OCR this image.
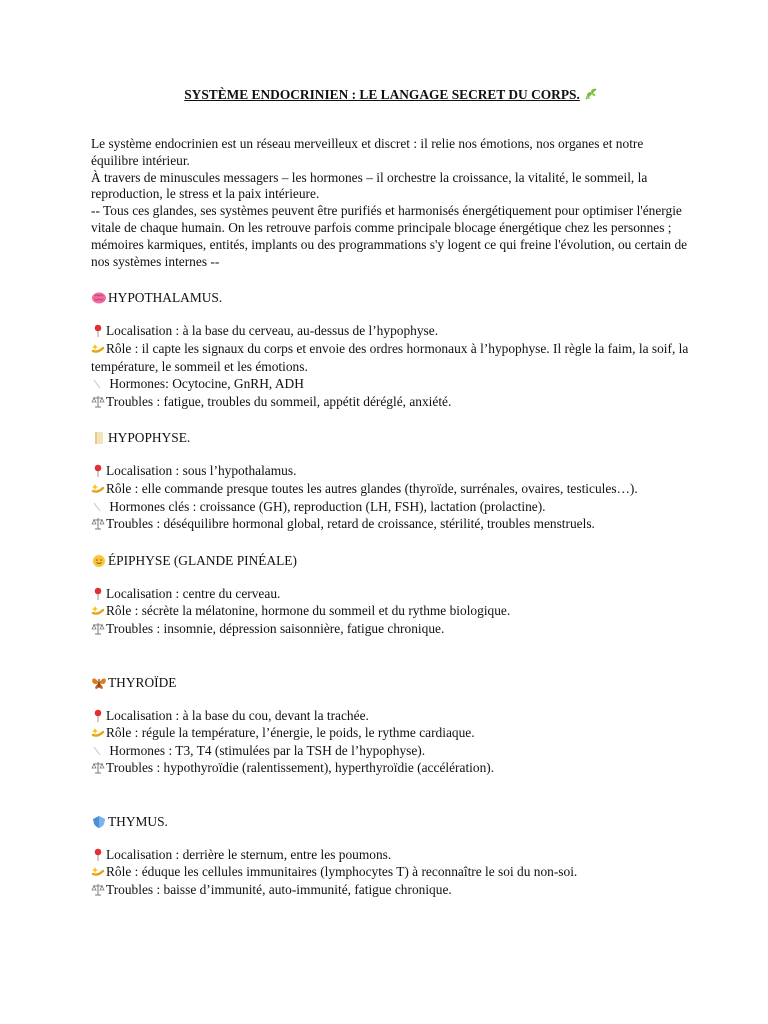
SYSTÈME ENDOCRINIEN : LE LANGAGE SECRET DU CORPS.

Le système endocrinien est un réseau merveilleux et discret : il relie nos émotions, nos organes et notre équilibre intérieur.

À travers de minuscules messagers – les hormones – il orchestre la croissance, la vitalité, le sommeil, la reproduction, le stress et la paix intérieure.

-- Tous ces glandes, ses systèmes peuvent être purifiés et harmonisés énergétiquement pour optimiser l'énergie vitale de chaque humain. On les retrouve parfois comme principale blocage énergétique chez les personnes ; mémoires karmiques, entités, implants ou des programmations s'y logent ce qui freine l'évolution, ou certain de nos systèmes internes --

HYPOTHALAMUS.
Localisation : à la base du cerveau, au-dessus de l’hypophyse.
Rôle : il capte les signaux du corps et envoie des ordres hormonaux à l’hypophyse. Il règle la faim, la soif, la température, le sommeil et les émotions.
Hormones: Ocytocine, GnRH, ADH
Troubles : fatigue, troubles du sommeil, appétit déréglé, anxiété.
HYPOPHYSE.
Localisation : sous l’hypothalamus.
Rôle : elle commande presque toutes les autres glandes (thyroïde, surrénales, ovaires, testicules…).
Hormones clés : croissance (GH), reproduction (LH, FSH), lactation (prolactine).
Troubles : déséquilibre hormonal global, retard de croissance, stérilité, troubles menstruels.
ÉPIPHYSE (GLANDE PINÉALE)
Localisation : centre du cerveau.
Rôle : sécrète la mélatonine, hormone du sommeil et du rythme biologique.
Troubles : insomnie, dépression saisonnière, fatigue chronique.
THYROÏDE
Localisation : à la base du cou, devant la trachée.
Rôle : régule la température, l’énergie, le poids, le rythme cardiaque.
Hormones : T3, T4 (stimulées par la TSH de l’hypophyse).
Troubles : hypothyroïdie (ralentissement), hyperthyroïdie (accélération).
THYMUS.
Localisation : derrière le sternum, entre les poumons.
Rôle : éduque les cellules immunitaires (lymphocytes T) à reconnaître le soi du non-soi.
Troubles : baisse d’immunité, auto-immunité, fatigue chronique.
